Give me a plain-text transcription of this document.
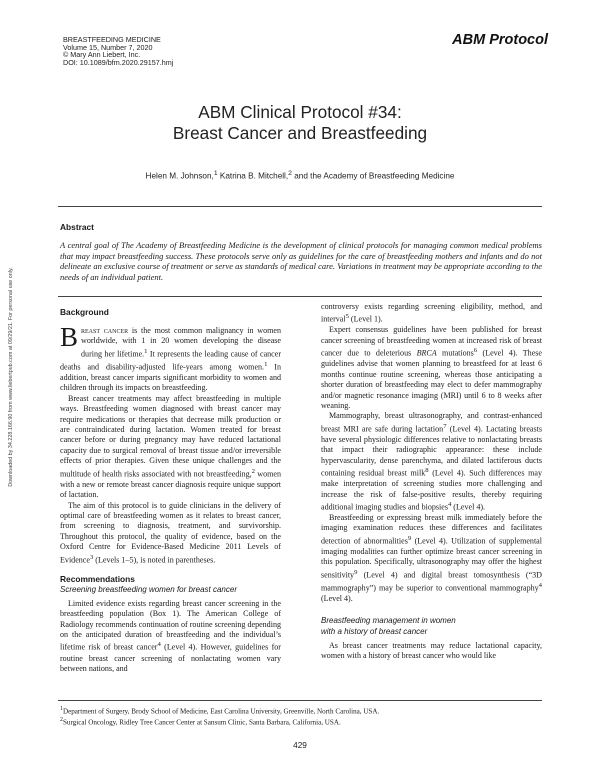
BREASTFEEDING MEDICINE
Volume 15, Number 7, 2020
© Mary Ann Liebert, Inc.
DOI: 10.1089/bfm.2020.29157.hmj
ABM Protocol
Downloaded by 34.228.166.90 from www.liebertpub.com at 09/29/21. For personal use only.
ABM Clinical Protocol #34:
Breast Cancer and Breastfeeding
Helen M. Johnson,$^1$ Katrina B. Mitchell,$^2$ and the Academy of Breastfeeding Medicine
Abstract
A central goal of The Academy of Breastfeeding Medicine is the development of clinical protocols for managing common medical problems that may impact breastfeeding success. These protocols serve only as guidelines for the care of breastfeeding mothers and infants and do not delineate an exclusive course of treatment or serve as standards of medical care. Variations in treatment may be appropriate according to the needs of an individual patient.
Background

Breast cancer is the most common malignancy in women worldwide, with 1 in 20 women developing the disease during her lifetime.$^1$ It represents the leading cause of cancer deaths and disability-adjusted life-years among women.$^1$ In addition, breast cancer imparts significant morbidity to women and children through its impacts on breastfeeding.

Breast cancer treatments may affect breastfeeding in multiple ways. Breastfeeding women diagnosed with breast cancer may require medications or therapies that decrease milk production or are contraindicated during lactation. Women treated for breast cancer before or during pregnancy may have reduced lactational capacity due to surgical removal of breast tissue and/or irreversible effects of prior therapies. Given these unique challenges and the multitude of health risks associated with not breastfeeding,$^2$ women with a new or remote breast cancer diagnosis require unique support of lactation.

The aim of this protocol is to guide clinicians in the delivery of optimal care of breastfeeding women as it relates to breast cancer, from screening to diagnosis, treatment, and survivorship. Throughout this protocol, the quality of evidence, based on the Oxford Centre for Evidence-Based Medicine 2011 Levels of Evidence$^3$ (Levels 1–5), is noted in parentheses.

Recommendations
Screening breastfeeding women for breast cancer

Limited evidence exists regarding breast cancer screening in the breastfeeding population (Box 1). The American College of Radiology recommends continuation of routine screening depending on the anticipated duration of breastfeeding and the individual’s lifetime risk of breast cancer$^4$ (Level 4). However, guidelines for routine breast cancer screening of nonlactating women vary between nations, and

controversy exists regarding screening eligibility, method, and interval$^5$ (Level 1).

Expert consensus guidelines have been published for breast cancer screening of breastfeeding women at increased risk of breast cancer due to deleterious BRCA mutations$^6$ (Level 4). These guidelines advise that women planning to breastfeed for at least 6 months continue routine screening, whereas those anticipating a shorter duration of breastfeeding may elect to defer mammography and/or magnetic resonance imaging (MRI) until 6 to 8 weeks after weaning.

Mammography, breast ultrasonography, and contrast-enhanced breast MRI are safe during lactation$^7$ (Level 4). Lactating breasts have several physiologic differences relative to nonlactating breasts that impact their radiographic appearance: these include hypervascularity, dense parenchyma, and dilated lactiferous ducts containing residual breast milk$^8$ (Level 4). Such differences may make interpretation of screening studies more challenging and increase the risk of false-positive results, thereby requiring additional imaging studies and biopsies$^4$ (Level 4).

Breastfeeding or expressing breast milk immediately before the imaging examination reduces these differences and facilitates detection of abnormalities$^9$ (Level 4). Utilization of supplemental imaging modalities can further optimize breast cancer screening in this population. Specifically, ultrasonography may offer the highest sensitivity$^9$ (Level 4) and digital breast tomosynthesis (“3D mammography”) may be superior to conventional mammography$^4$ (Level 4).

Breastfeeding management in women
with a history of breast cancer

As breast cancer treatments may reduce lactational capacity, women with a history of breast cancer who would like

$^1$Department of Surgery, Brody School of Medicine, East Carolina University, Greenville, North Carolina, USA.
$^2$Surgical Oncology, Ridley Tree Cancer Center at Sansum Clinic, Santa Barbara, California, USA.
429
